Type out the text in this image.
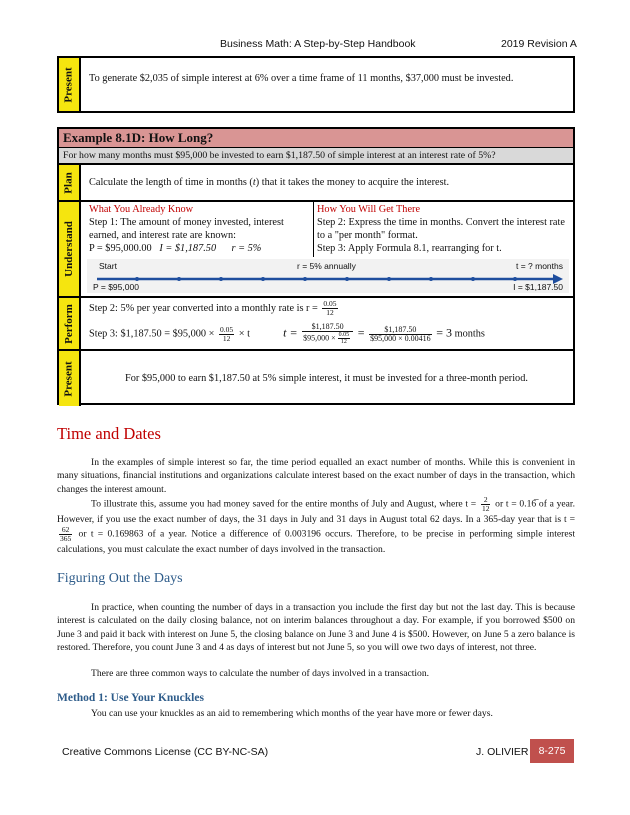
Business Math: A Step-by-Step Handbook	2019 Revision A
Present To generate $2,035 of simple interest at 6% over a time frame of 11 months, $37,000 must be invested.
Example 8.1D: How Long?
For how many months must $95,000 be invested to earn $1,187.50 of simple interest at an interest rate of 5%?
Plan Calculate the length of time in months (t) that it takes the money to acquire the interest.
Understand
What You Already Know
Step 1: The amount of money invested, interest
earned, and interest rate are known:
P = $95,000.00 I = $1,187.50 r = 5%
How You Will Get There
Step 2: Express the time in months. Convert the interest rate
to a "per month" format.
Step 3: Apply Formula 8.1, rearranging for t.
Start	r = 5% annually	t = ? months
P = $95,000	I = $1,187.50
Perform Step 2: 5% per year converted into a monthly rate is $r = \frac{0.05}{12}$
Step 3: $1,187.50 = $95,000 × $\frac{0.05}{12} \times t$	$t = \frac{\$1,187.50}{\$95,000 \times \frac{0.05}{12}} = \frac{\$1,187.50}{\$95,000 \times 0.00416} = 3$ months
Present	For $95,000 to earn $1,187.50 at 5% simple interest, it must be invested for a three-month period.
Time and Dates
In the examples of simple interest so far, the time period equalled an exact number of months. While this is convenient in many situations, financial institutions and organizations calculate interest based on the exact number of days in the transaction, which changes the interest amount.
To illustrate this, assume you had money saved for the entire months of July and August, where $t = \frac{2}{12}$ or t = 0.16̅ of a year. However, if you use the exact number of days, the 31 days in July and 31 days in August total 62 days. In a 365-day year that is t =
$\frac{62}{365}$ or t = 0.169863 of a year. Notice a difference of 0.003196 occurs. Therefore, to be precise in performing simple interest calculations, you must calculate the exact number of days involved in the transaction.
Figuring Out the Days
In practice, when counting the number of days in a transaction you include the first day but not the last day. This is because interest is calculated on the daily closing balance, not on interim balances throughout a day. For example, if you borrowed $500 on June 3 and paid it back with interest on June 5, the closing balance on June 3 and June 4 is $500. However, on June 5 a zero balance is restored. Therefore, you count June 3 and 4 as days of interest but not June 5, so you will owe two days of interest, not three.
There are three common ways to calculate the number of days involved in a transaction.
Method 1: Use Your Knuckles
You can use your knuckles as an aid to remembering which months of the year have more or fewer days.
Creative Commons License (CC BY-NC-SA)	J. OLIVIER 8-275
